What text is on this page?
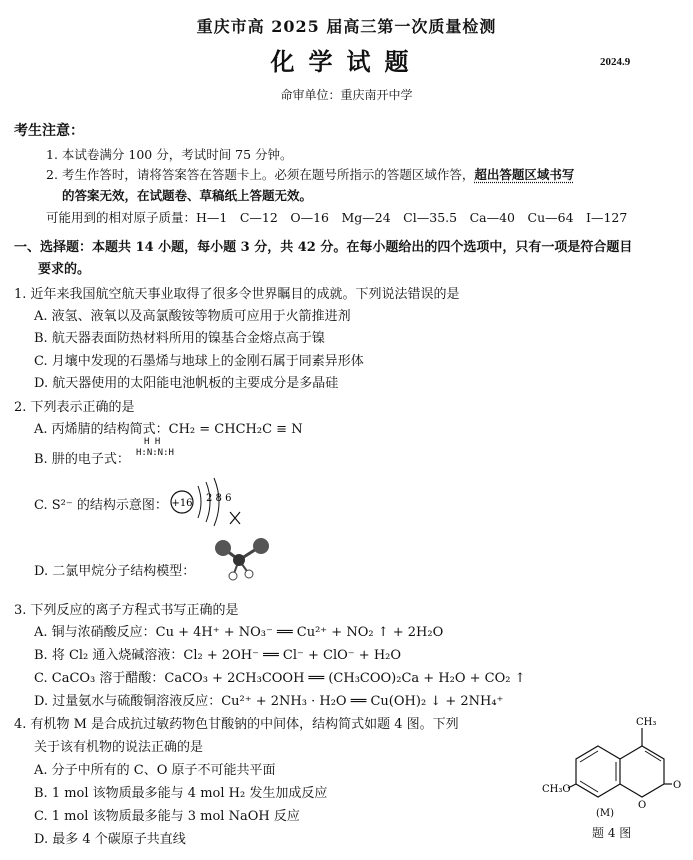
重庆市高 2025 届高三第一次质量检测
化学试题	2024.9
命审单位：重庆南开中学
考生注意：
1. 本试卷满分 100 分，考试时间 75 分钟。
2. 考生作答时，请将答案答在答题卡上。必须在题号所指示的答题区域作答，超出答题区域书写
的答案无效，在试题卷、草稿纸上答题无效。
可能用到的相对原子质量：H—1　C—12　O—16　Mg—24　Cl—35.5　Ca—40　Cu—64　I—127
一、选择题：本题共 14 小题，每小题 3 分，共 42 分。在每小题给出的四个选项中，只有一项是符合题目
要求的。
1. 近年来我国航空航天事业取得了很多令世界瞩目的成就。下列说法错误的是
A. 液氢、液氧以及高氯酸铵等物质可应用于火箭推进剂
B. 航天器表面防热材料所用的镍基合金熔点高于镍
C. 月壤中发现的石墨烯与地球上的金刚石属于同素异形体
D. 航天器使用的太阳能电池帆板的主要成分是多晶硅
2. 下列表示正确的是
A. 丙烯腈的结构简式：CH₂ = CHCH₂C ≡ N
B. 肼的电子式：
H H
H:N:N:H
C. S²⁻ 的结构示意图： +16 2 8 6
D. 二氯甲烷分子结构模型：
3. 下列反应的离子方程式书写正确的是
A. 铜与浓硝酸反应：Cu + 4H⁺ + NO₃⁻ ══ Cu²⁺ + NO₂ ↑ + 2H₂O
B. 将 Cl₂ 通入烧碱溶液：Cl₂ + 2OH⁻ ══ Cl⁻ + ClO⁻ + H₂O
C. CaCO₃ 溶于醋酸：CaCO₃ + 2CH₃COOH ══ (CH₃COO)₂Ca + H₂O + CO₂ ↑
D. 过量氨水与硫酸铜溶液反应：Cu²⁺ + 2NH₃ · H₂O ══ Cu(OH)₂ ↓ + 2NH₄⁺
4. 有机物 M 是合成抗过敏药物色甘酸钠的中间体，结构简式如题 4 图。下列
关于该有机物的说法正确的是
A. 分子中所有的 C、O 原子不可能共平面
B. 1 mol 该物质最多能与 4 mol H₂ 发生加成反应
C. 1 mol 该物质最多能与 3 mol NaOH 反应
D. 最多 4 个碳原子共直线
CH₃
O
O
CH₃O
(M)
题 4 图
